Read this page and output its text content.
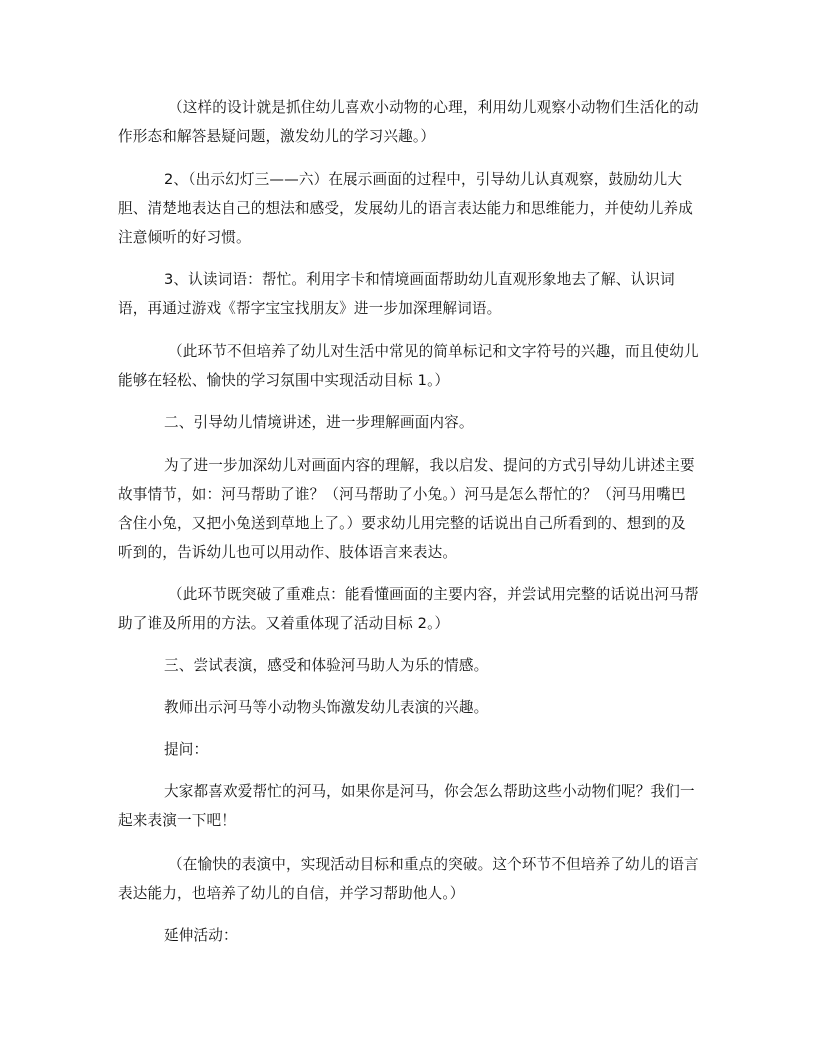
（这样的设计就是抓住幼儿喜欢小动物的心理，利用幼儿观察小动物们生活化的动
作形态和解答悬疑问题，激发幼儿的学习兴趣。）
2、（出示幻灯三——六）在展示画面的过程中，引导幼儿认真观察，鼓励幼儿大
胆、清楚地表达自己的想法和感受，发展幼儿的语言表达能力和思维能力，并使幼儿养成
注意倾听的好习惯。
3、认读词语：帮忙。利用字卡和情境画面帮助幼儿直观形象地去了解、认识词
语，再通过游戏《帮字宝宝找朋友》进一步加深理解词语。
（此环节不但培养了幼儿对生活中常见的简单标记和文字符号的兴趣，而且使幼儿
能够在轻松、愉快的学习氛围中实现活动目标 1。）
二、引导幼儿情境讲述，进一步理解画面内容。
为了进一步加深幼儿对画面内容的理解，我以启发、提问的方式引导幼儿讲述主要
故事情节，如：河马帮助了谁？（河马帮助了小兔。）河马是怎么帮忙的？（河马用嘴巴
含住小兔，又把小兔送到草地上了。）要求幼儿用完整的话说出自己所看到的、想到的及
听到的，告诉幼儿也可以用动作、肢体语言来表达。
（此环节既突破了重难点：能看懂画面的主要内容，并尝试用完整的话说出河马帮
助了谁及所用的方法。又着重体现了活动目标 2。）
三、尝试表演，感受和体验河马助人为乐的情感。
教师出示河马等小动物头饰激发幼儿表演的兴趣。
提问：
大家都喜欢爱帮忙的河马，如果你是河马，你会怎么帮助这些小动物们呢？我们一
起来表演一下吧！
（在愉快的表演中，实现活动目标和重点的突破。这个环节不但培养了幼儿的语言
表达能力，也培养了幼儿的自信，并学习帮助他人。）
延伸活动：
